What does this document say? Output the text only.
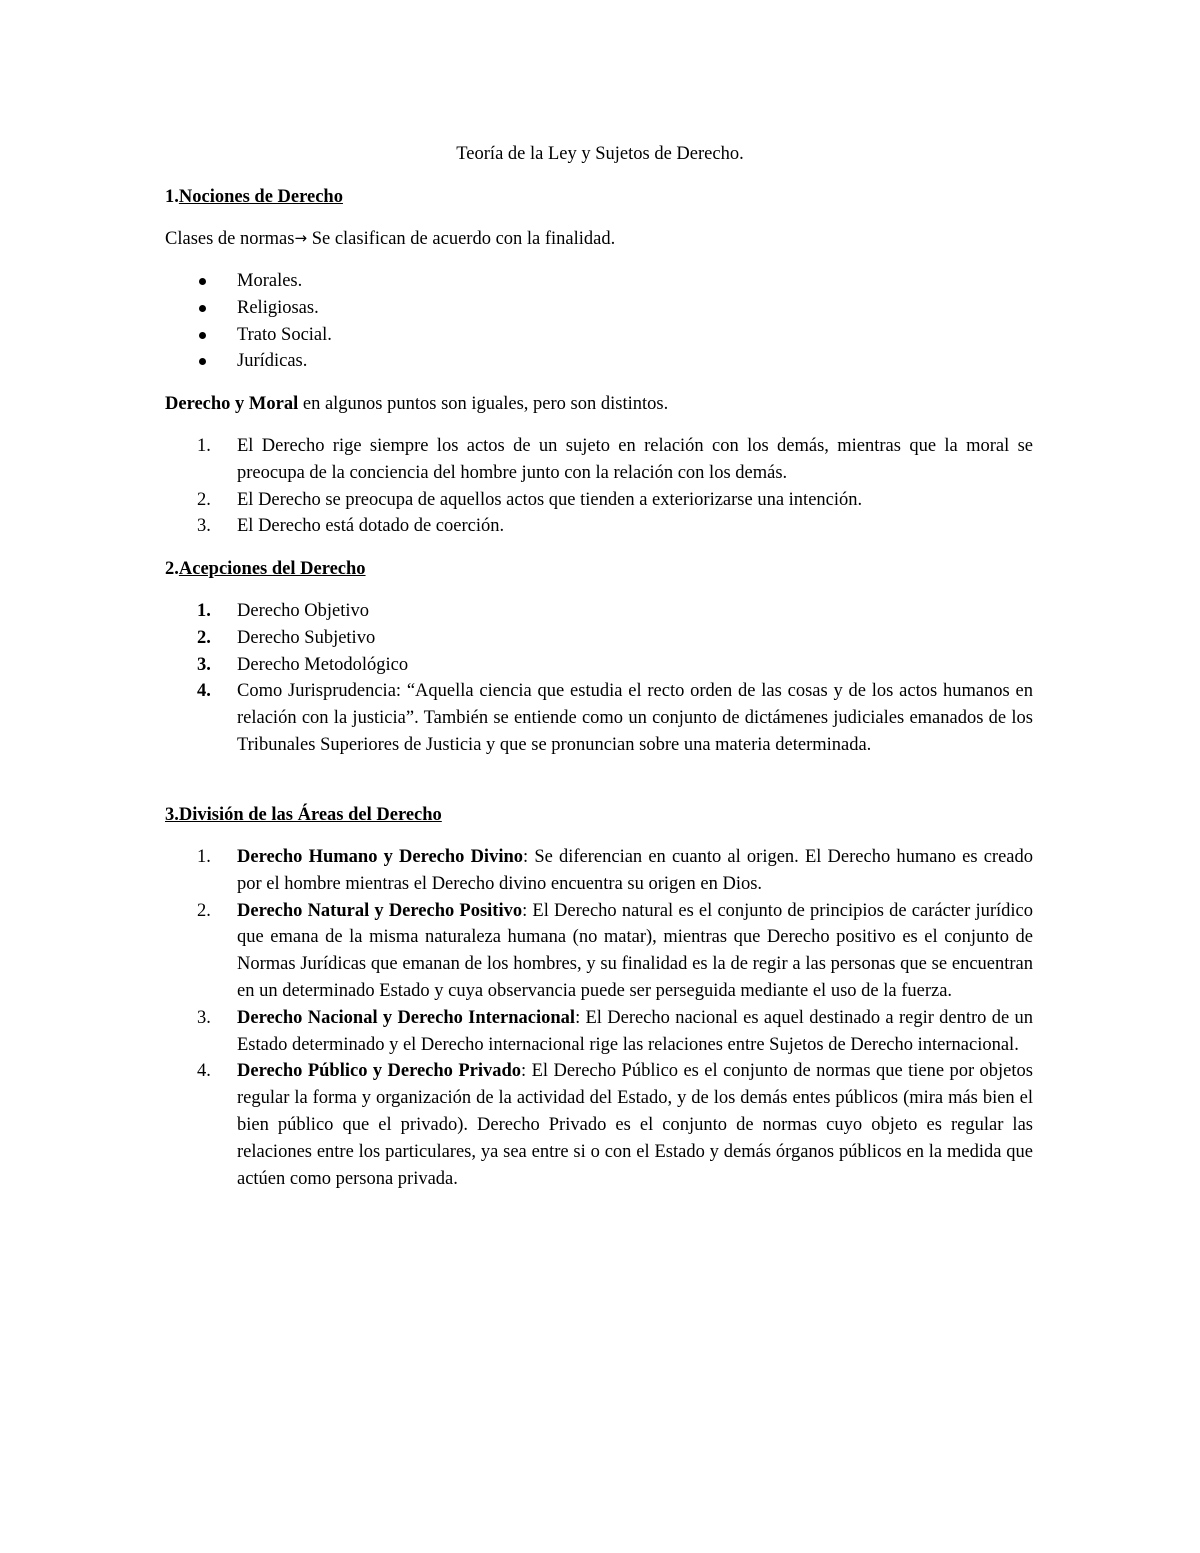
Teoría de la Ley y Sujetos de Derecho.
1.Nociones de Derecho
Clases de normas→ Se clasifican de acuerdo con la finalidad.
Morales.
Religiosas.
Trato Social.
Jurídicas.
Derecho y Moral en algunos puntos son iguales, pero son distintos.
1. El Derecho rige siempre los actos de un sujeto en relación con los demás, mientras que la moral se preocupa de la conciencia del hombre junto con la relación con los demás.
2. El Derecho se preocupa de aquellos actos que tienden a exteriorizarse una intención.
3. El Derecho está dotado de coerción.
2.Acepciones del Derecho
1. Derecho Objetivo
2. Derecho Subjetivo
3. Derecho Metodológico
4. Como Jurisprudencia: “Aquella ciencia que estudia el recto orden de las cosas y de los actos humanos en relación con la justicia”. También se entiende como un conjunto de dictámenes judiciales emanados de los Tribunales Superiores de Justicia y que se pronuncian sobre una materia determinada.
3.División de las Áreas del Derecho
1. Derecho Humano y Derecho Divino: Se diferencian en cuanto al origen. El Derecho humano es creado por el hombre mientras el Derecho divino encuentra su origen en Dios.
2. Derecho Natural y Derecho Positivo: El Derecho natural es el conjunto de principios de carácter jurídico que emana de la misma naturaleza humana (no matar), mientras que Derecho positivo es el conjunto de Normas Jurídicas que emanan de los hombres, y su finalidad es la de regir a las personas que se encuentran en un determinado Estado y cuya observancia puede ser perseguida mediante el uso de la fuerza.
3. Derecho Nacional y Derecho Internacional: El Derecho nacional es aquel destinado a regir dentro de un Estado determinado y el Derecho internacional rige las relaciones entre Sujetos de Derecho internacional.
4. Derecho Público y Derecho Privado: El Derecho Público es el conjunto de normas que tiene por objetos regular la forma y organización de la actividad del Estado, y de los demás entes públicos (mira más bien el bien público que el privado). Derecho Privado es el conjunto de normas cuyo objeto es regular las relaciones entre los particulares, ya sea entre si o con el Estado y demás órganos públicos en la medida que actúen como persona privada.
